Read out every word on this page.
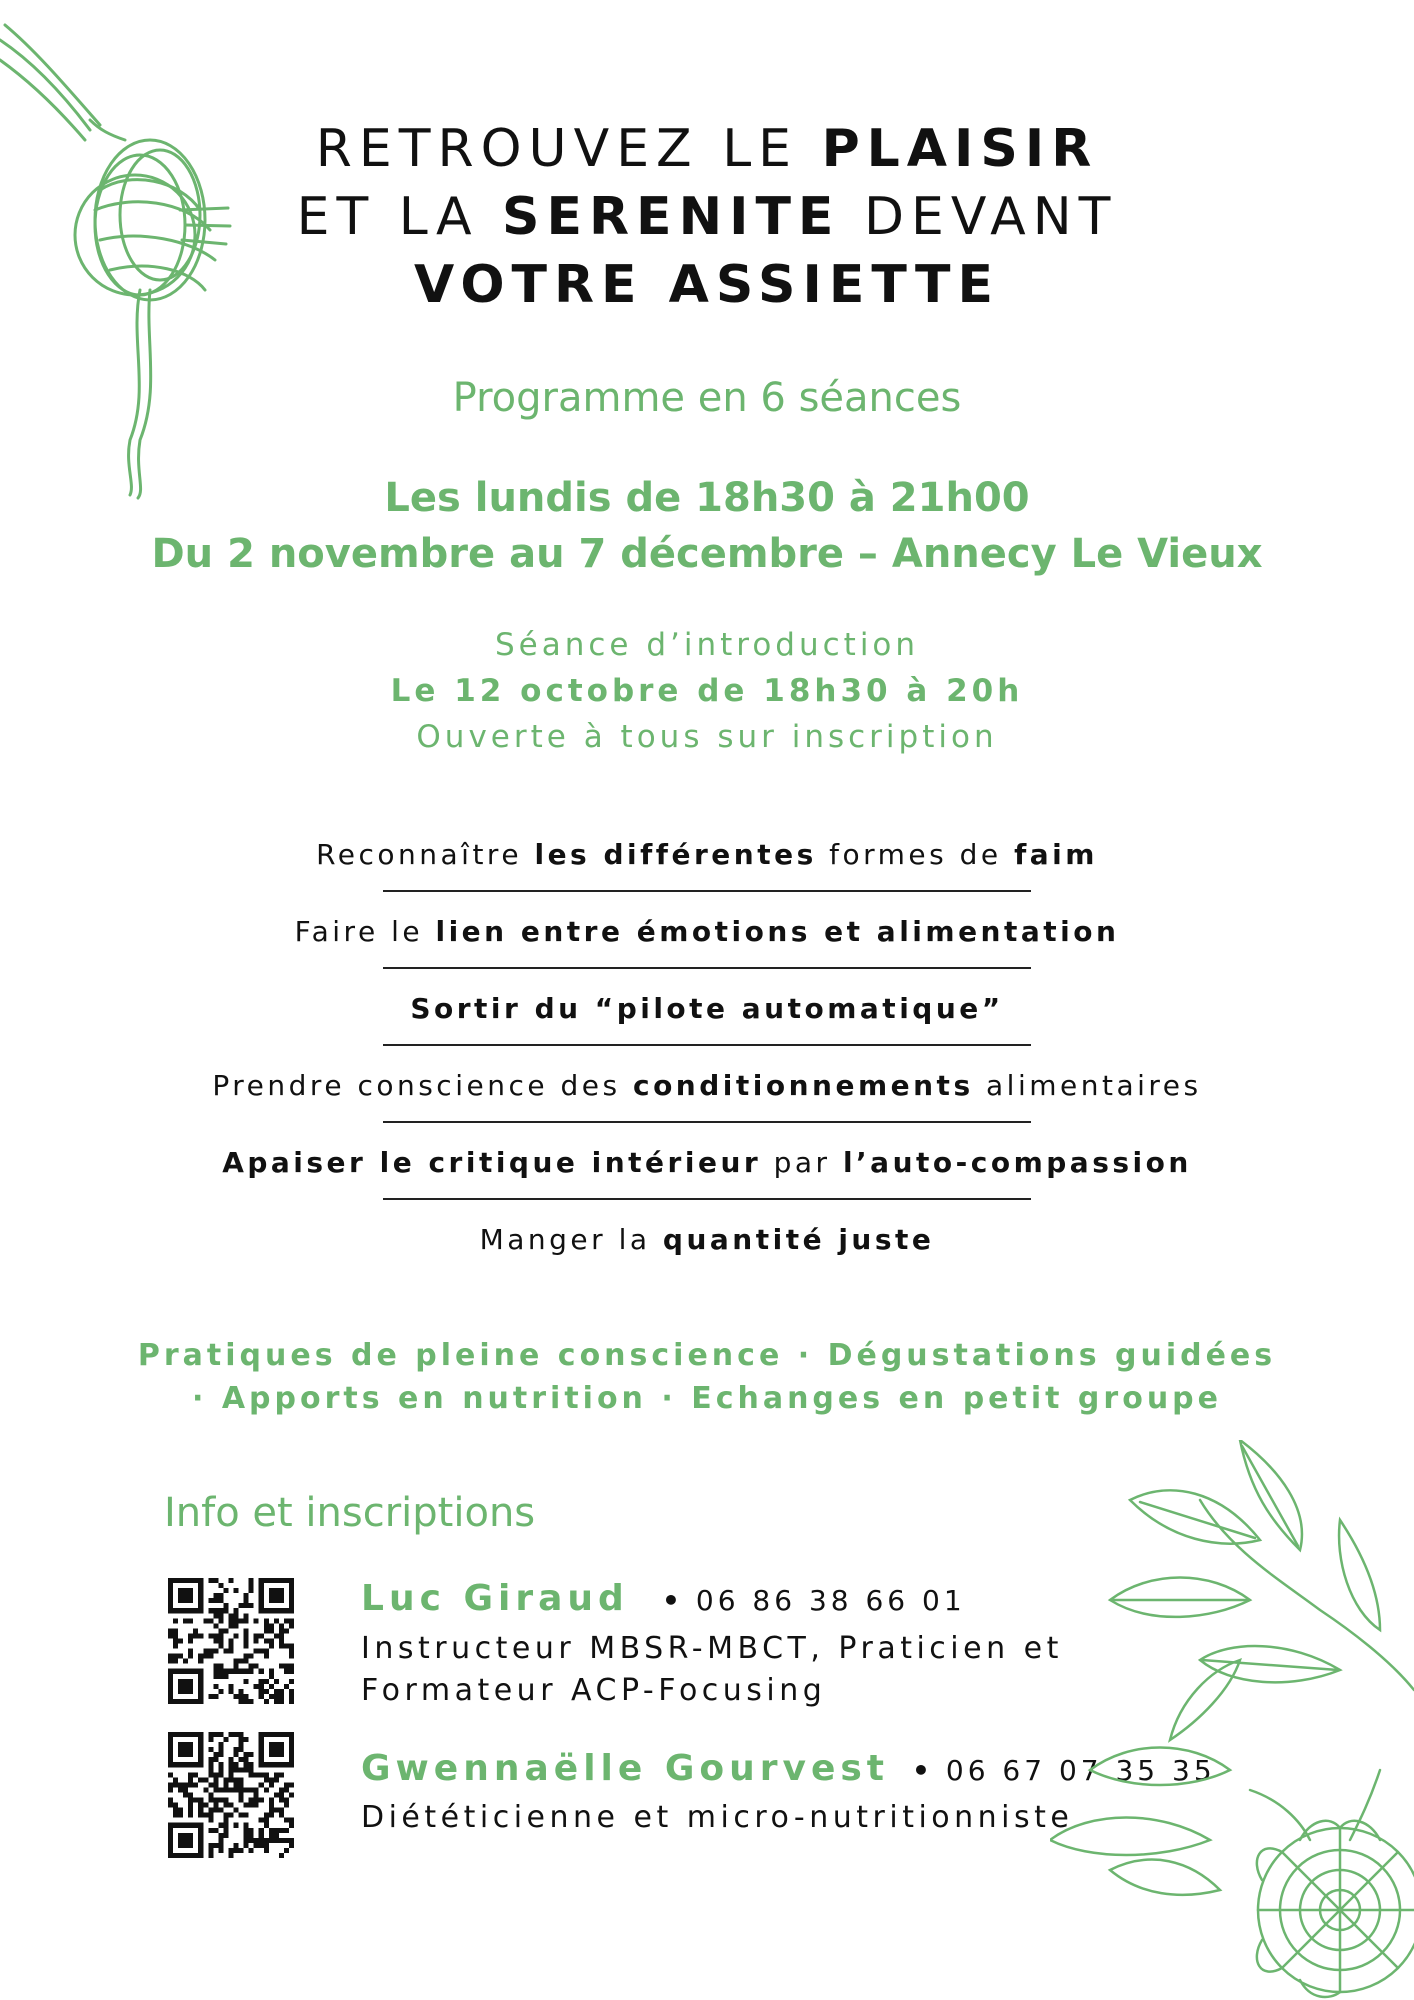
RETROUVEZ LE PLAISIR
ET LA SERENITE DEVANT
VOTRE ASSIETTE
Programme en 6 séances
Les lundis de 18h30 à 21h00
Du 2 novembre au 7 décembre – Annecy Le Vieux
Séance d’introduction
Le 12 octobre de 18h30 à 20h
Ouverte à tous sur inscription
Reconnaître les différentes formes de faim
Faire le lien entre émotions et alimentation
Sortir du “pilote automatique”
Prendre conscience des conditionnements alimentaires
Apaiser le critique intérieur par l’auto-compassion
Manger la quantité juste
Pratiques de pleine conscience · Dégustations guidées
· Apports en nutrition · Echanges en petit groupe
Info et inscriptions
Luc Giraud • 06 86 38 66 01
Instructeur MBSR-MBCT, Praticien et
Formateur ACP-Focusing
Gwennaëlle Gourvest • 06 67 07 35 35
Diététicienne et micro-nutritionniste
